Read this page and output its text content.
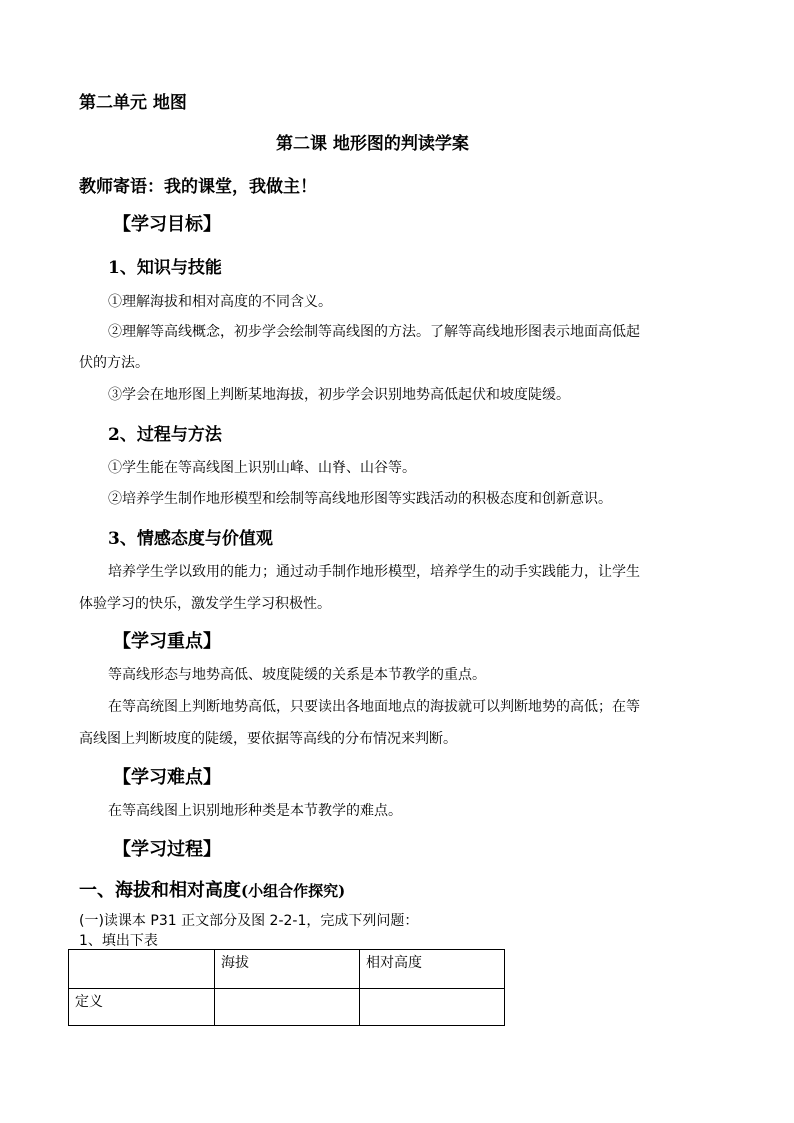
第二单元 地图
第二课 地形图的判读学案
教师寄语：我的课堂，我做主！
【学习目标】
1、知识与技能
①理解海拔和相对高度的不同含义。
②理解等高线概念，初步学会绘制等高线图的方法。了解等高线地形图表示地面高低起
伏的方法。
③学会在地形图上判断某地海拔，初步学会识别地势高低起伏和坡度陡缓。
2、过程与方法
①学生能在等高线图上识别山峰、山脊、山谷等。
②培养学生制作地形模型和绘制等高线地形图等实践活动的积极态度和创新意识。
3、情感态度与价值观
培养学生学以致用的能力；通过动手制作地形模型，培养学生的动手实践能力，让学生
体验学习的快乐，激发学生学习积极性。
【学习重点】
等高线形态与地势高低、坡度陡缓的关系是本节教学的重点。
在等高统图上判断地势高低，只要读出各地面地点的海拔就可以判断地势的高低；在等
高线图上判断坡度的陡缓，要依据等高线的分布情况来判断。
【学习难点】
在等高线图上识别地形种类是本节教学的难点。
【学习过程】
一、海拔和相对高度(小组合作探究)
(一)读课本 P31 正文部分及图 2-2-1，完成下列问题：
1、填出下表
	海拔	相对高度
定义		
